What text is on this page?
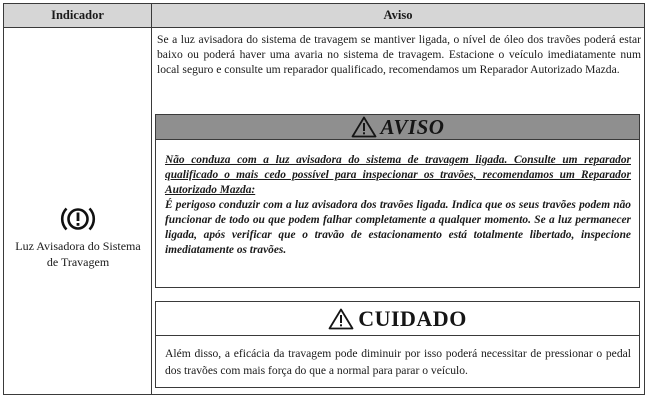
Indicador	Aviso
Luz Avisadora do Sistema de Travagem
Se a luz avisadora do sistema de travagem se mantiver ligada, o nível de óleo dos travões poderá estar baixo ou poderá haver uma avaria no sistema de travagem. Estacione o veículo imediatamente num local seguro e consulte um reparador qualificado, recomendamos um Reparador Autorizado Mazda.
AVISO
Não conduza com a luz avisadora do sistema de travagem ligada. Consulte um reparador qualificado o mais cedo possível para inspecionar os travões, recomendamos um Reparador Autorizado Mazda:
É perigoso conduzir com a luz avisadora dos travões ligada. Indica que os seus travões podem não funcionar de todo ou que podem falhar completamente a qualquer momento. Se a luz permanecer ligada, após verificar que o travão de estacionamento está totalmente libertado, inspecione imediatamente os travões.
CUIDADO
Além disso, a eficácia da travagem pode diminuir por isso poderá necessitar de pressionar o pedal dos travões com mais força do que a normal para parar o veículo.
